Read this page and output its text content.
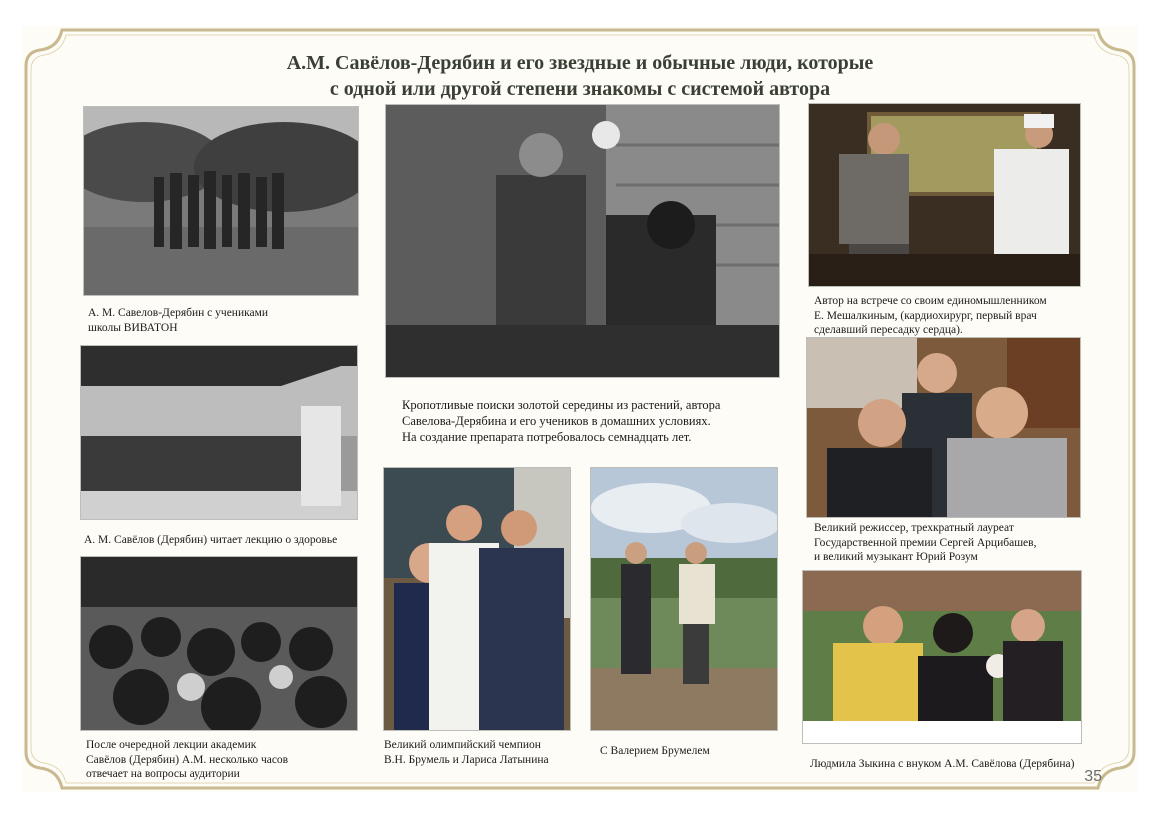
А.М. Савёлов-Дерябин и его звездные и обычные люди, которые
с одной или другой степени знакомы с системой автора
А. М. Савелов-Дерябин с учениками
школы ВИВАТОН
А. М. Савёлов (Дерябин) читает лекцию о здоровье
После очередной лекции академик
Савёлов (Дерябин) А.М. несколько часов
отвечает на вопросы аудитории
Кропотливые поиски золотой середины из растений, автора
Савелова-Дерябина и его учеников в домашних условиях.
На создание препарата потребовалось семнадцать лет.
Великий олимпийский чемпион
В.Н. Брумель и Лариса Латынина
С Валерием Брумелем
Автор на встрече со своим единомышленником
Е. Мешалкиным, (кардиохирург, первый врач
сделавший пересадку сердца).
Великий режиссер, трехкратный лауреат
Государственной премии Сергей Арцибашев,
и великий музыкант Юрий Розум
Людмила Зыкина с внуком А.М. Савёлова (Дерябина)
35
